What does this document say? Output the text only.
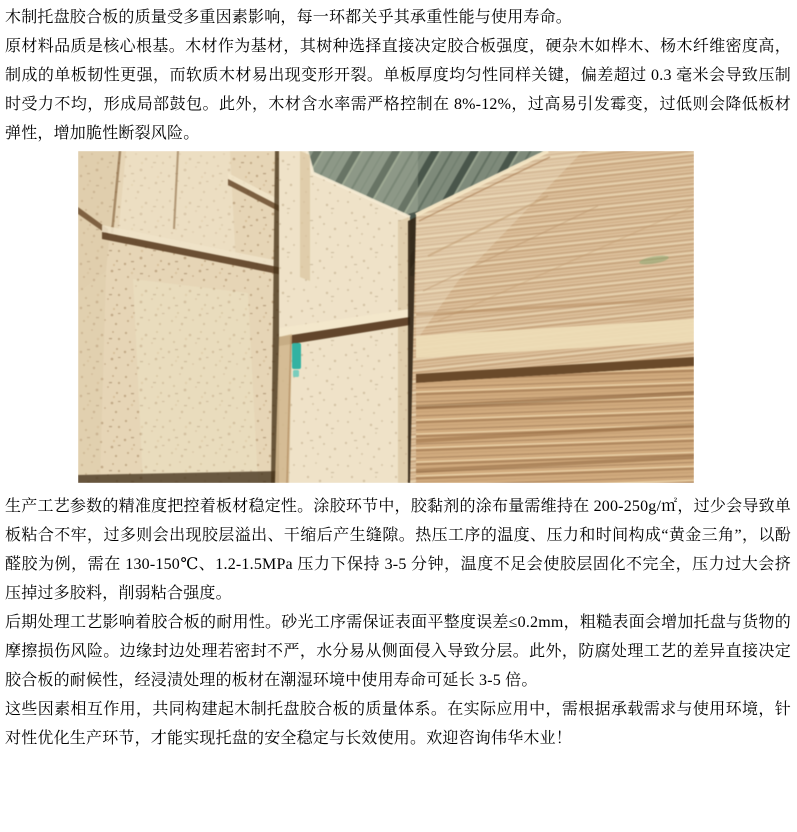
木制托盘胶合板的质量受多重因素影响，每一环都关乎其承重性能与使用寿命。

原材料品质是核心根基。木材作为基材，其树种选择直接决定胶合板强度，硬杂木如桦木、杨木纤维密度高，制成的单板韧性更强，而软质木材易出现变形开裂。单板厚度均匀性同样关键，偏差超过 0.3 毫米会导致压制时受力不均，形成局部鼓包。此外，木材含水率需严格控制在 8%-12%，过高易引发霉变，过低则会降低板材弹性，增加脆性断裂风险。

生产工艺参数的精准度把控着板材稳定性。涂胶环节中，胶黏剂的涂布量需维持在 200-250g/㎡，过少会导致单板粘合不牢，过多则会出现胶层溢出、干缩后产生缝隙。热压工序的温度、压力和时间构成“黄金三角”，以酚醛胶为例，需在 130-150℃、1.2-1.5MPa 压力下保持 3-5 分钟，温度不足会使胶层固化不完全，压力过大会挤压掉过多胶料，削弱粘合强度。

后期处理工艺影响着胶合板的耐用性。砂光工序需保证表面平整度误差≤0.2mm，粗糙表面会增加托盘与货物的摩擦损伤风险。边缘封边处理若密封不严，水分易从侧面侵入导致分层。此外，防腐处理工艺的差异直接决定胶合板的耐候性，经浸渍处理的板材在潮湿环境中使用寿命可延长 3-5 倍。

这些因素相互作用，共同构建起木制托盘胶合板的质量体系。在实际应用中，需根据承载需求与使用环境，针对性优化生产环节，才能实现托盘的安全稳定与长效使用。欢迎咨询伟华木业！
